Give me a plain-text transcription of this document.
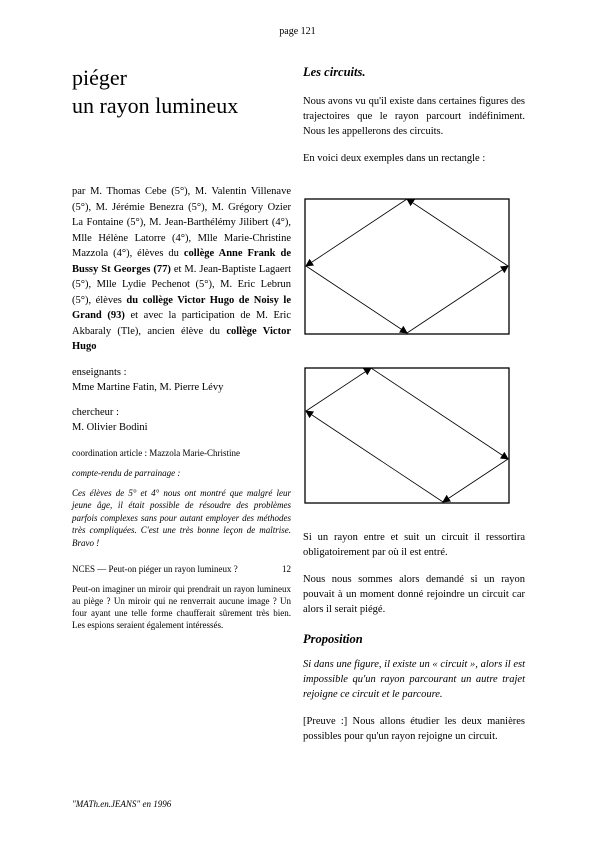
page 121
piéger
un rayon lumineux
par M. Thomas Cebe (5°), M. Valentin Villenave (5°), M. Jérémie Benezra (5°), M. Grégory Ozier La Fontaine (5°), M. Jean-Barthélémy Jilibert (4°), Mlle Hélène Latorre (4°), Mlle Marie-Christine Mazzola (4°), élèves du collège Anne Frank de Bussy St Georges (77) et M. Jean-Baptiste Lagaert (5°), Mlle Lydie Pechenot (5°), M. Eric Lebrun (5°), élèves du collège Victor Hugo de Noisy le Grand (93) et avec la participation de M. Eric Akbaraly (Tle), ancien élève du collège Victor Hugo
enseignants :
Mme Martine Fatin, M. Pierre Lévy
chercheur :
M. Olivier Bodini
coordination article : Mazzola Marie-Christine
compte-rendu de parrainage :
Ces élèves de 5° et 4° nous ont montré que malgré leur jeune âge, il était possible de résoudre des problèmes parfois complexes sans pour autant employer des méthodes très compliquées. C'est une très bonne leçon de maîtrise. Bravo !
NCES — Peut-on piéger un rayon lumineux ?	12
Peut-on imaginer un miroir qui prendrait un rayon lumineux au piège ? Un miroir qui ne renverrait aucune image ? Un four ayant une telle forme chaufferait sûrement très bien. Les espions seraient également intéressés.
Les circuits.

Nous avons vu qu'il existe dans certaines figures des trajectoires que le rayon parcourt indéfiniment. Nous les appellerons des circuits.

En voici deux exemples dans un rectangle :

Si un rayon entre et suit un circuit il ressortira obligatoirement par où il est entré.

Nous nous sommes alors demandé si un rayon pouvait à un moment donné rejoindre un circuit car alors il serait piégé.

Proposition

Si dans une figure, il existe un « circuit », alors il est impossible qu'un rayon parcourant un autre trajet rejoigne ce circuit et le parcoure.

[Preuve :] Nous allons étudier les deux manières possibles pour qu'un rayon rejoigne un circuit.

"MATh.en.JEANS" en 1996
